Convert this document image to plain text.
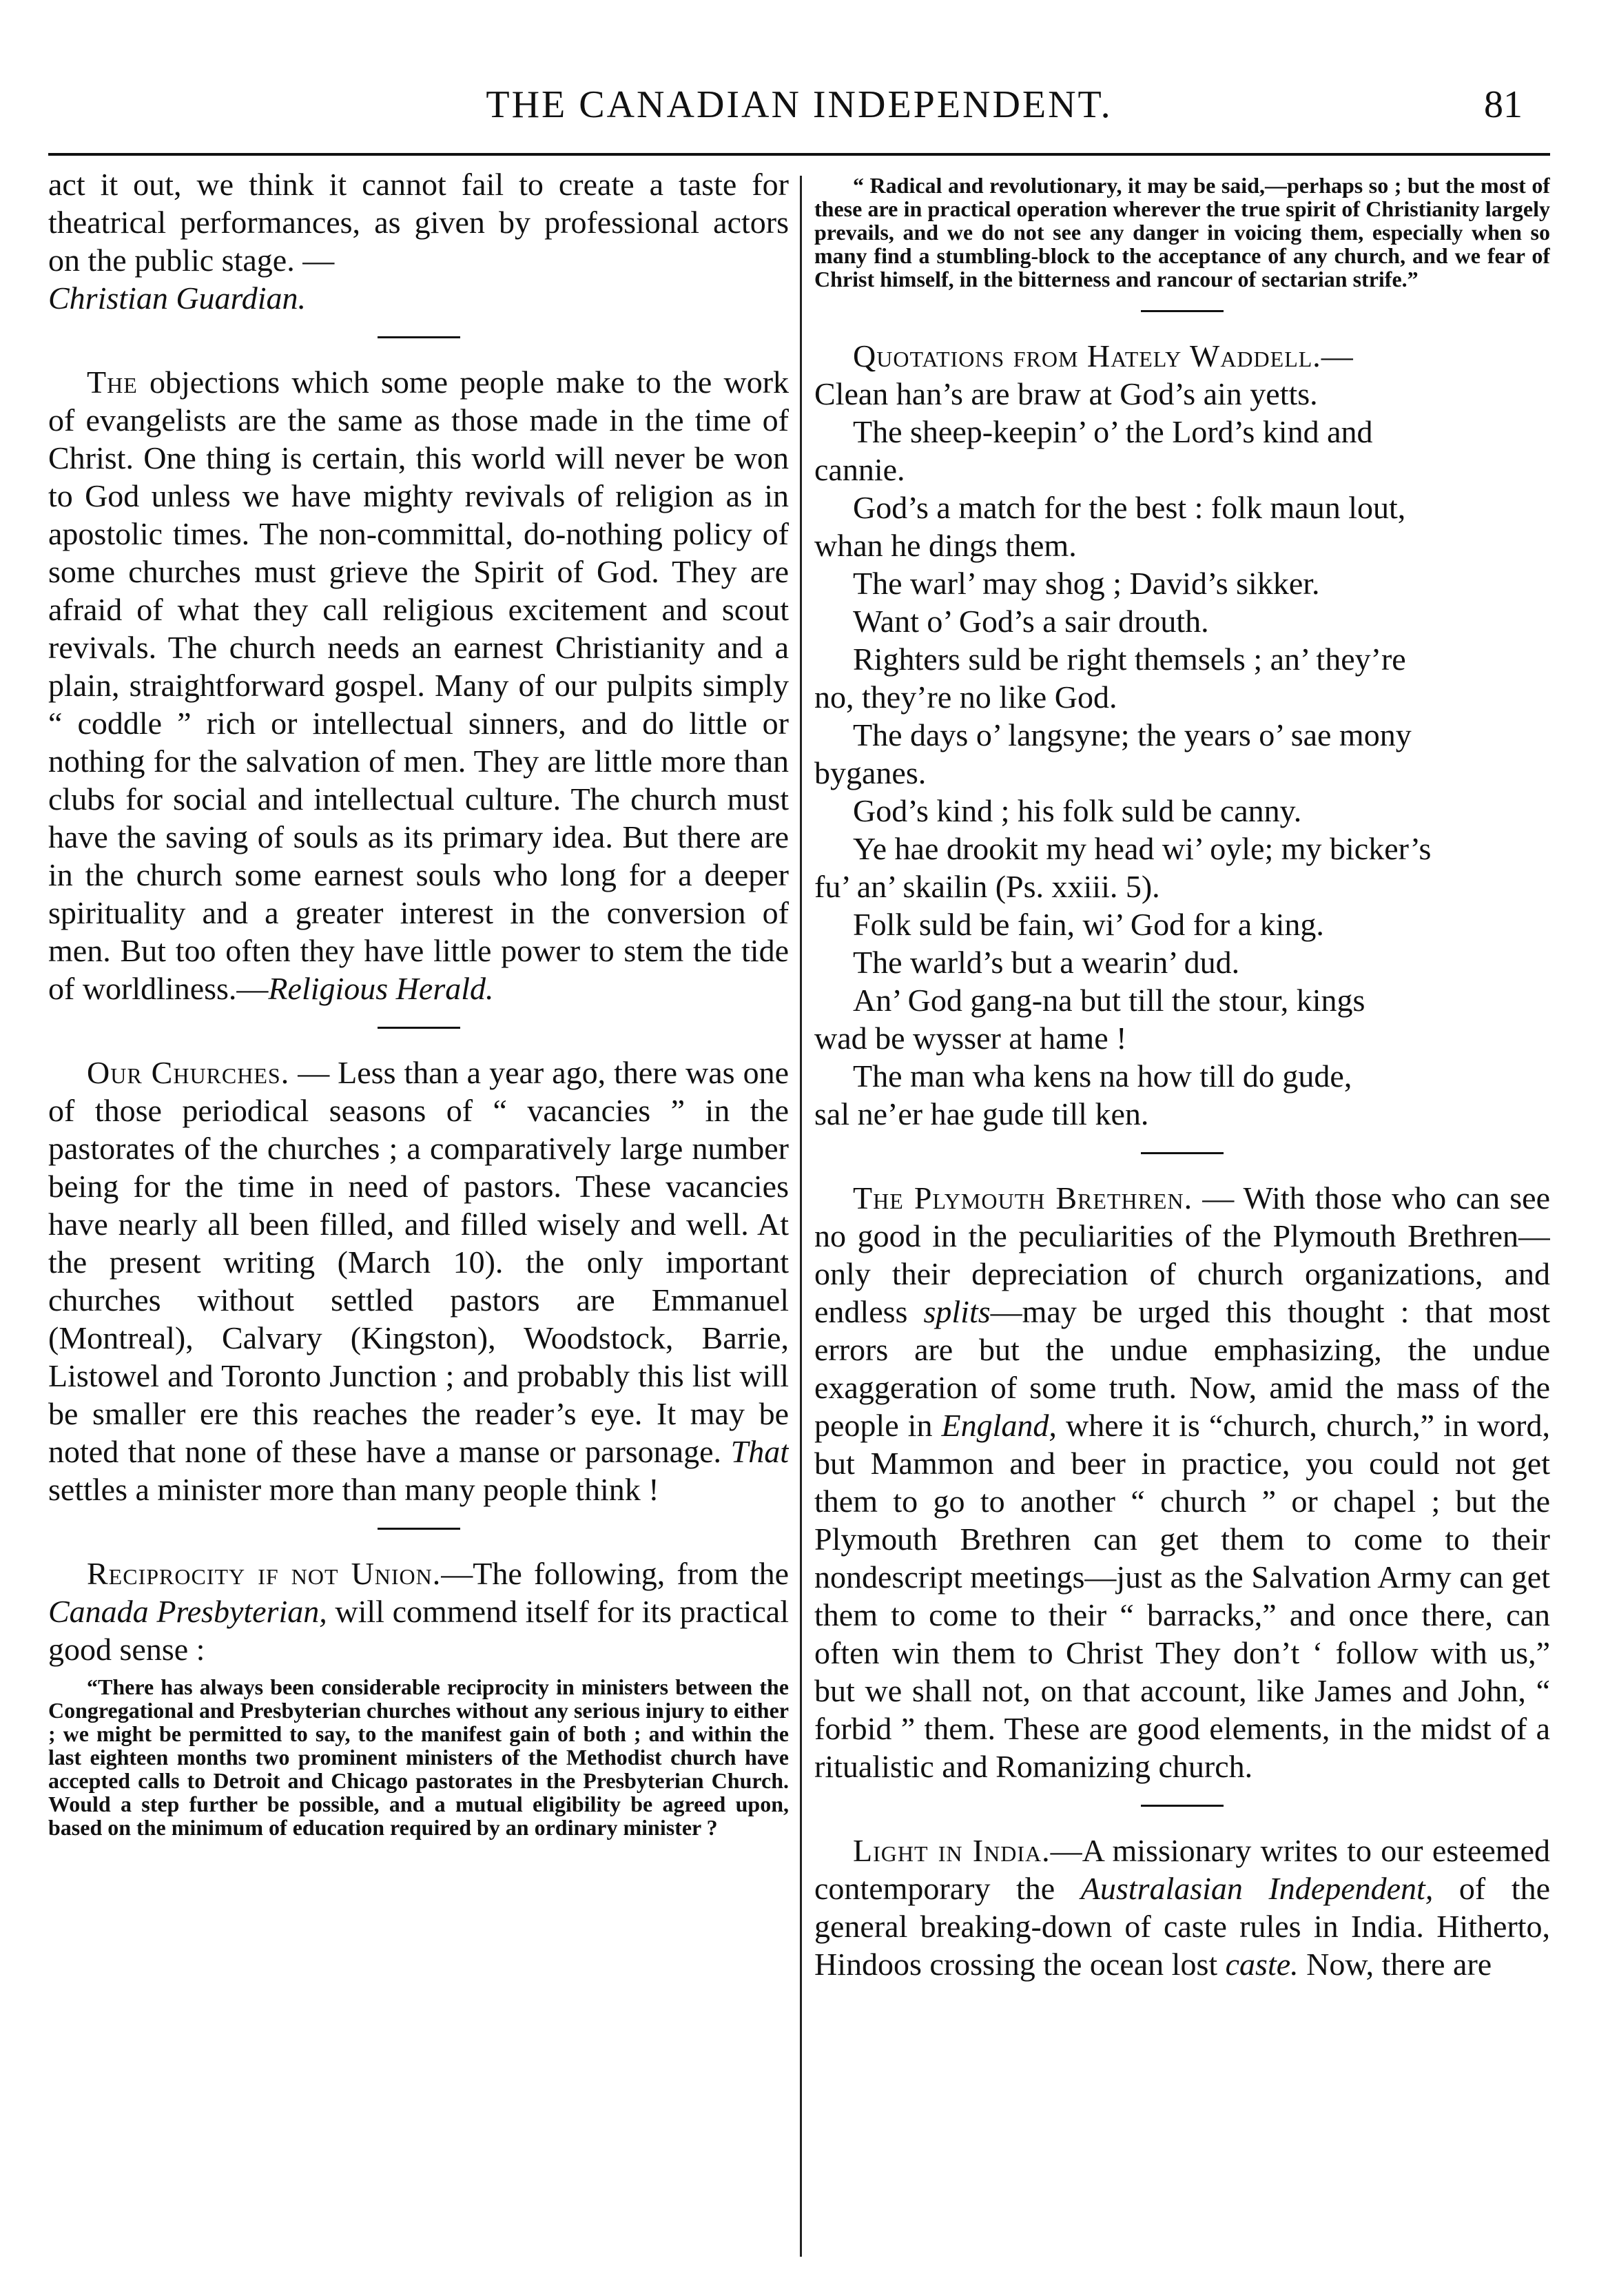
THE CANADIAN INDEPENDENT.	81

act it out, we think it cannot fail to create a taste for theatrical performances, as given by professional actors on the public stage. —
Christian Guardian.

The objections which some people make to the work of evangelists are the same as those made in the time of Christ. One thing is certain, this world will never be won to God unless we have mighty revivals of religion as in apostolic times. The non-committal, do-nothing policy of some churches must grieve the Spirit of God. They are afraid of what they call religious excitement and scout revivals. The church needs an earnest Christianity and a plain, straightforward gospel. Many of our pulpits simply “ coddle ” rich or intellectual sinners, and do little or nothing for the salvation of men. They are little more than clubs for social and intellectual culture. The church must have the saving of souls as its primary idea. But there are in the church some earnest souls who long for a deeper spirituality and a greater interest in the conversion of men. But too often they have little power to stem the tide of worldliness.—Religious Herald.

Our Churches. — Less than a year ago, there was one of those periodical seasons of “ vacancies ” in the pastorates of the churches ; a comparatively large number being for the time in need of pastors. These vacancies have nearly all been filled, and filled wisely and well. At the present writing (March 10). the only important churches without settled pastors are Emmanuel (Montreal), Calvary (Kingston), Woodstock, Barrie, Listowel and Toronto Junction ; and probably this list will be smaller ere this reaches the reader’s eye. It may be noted that none of these have a manse or parsonage. That settles a minister more than many people think !

Reciprocity if not Union.—The following, from the Canada Presbyterian, will commend itself for its practical good sense :

“There has always been considerable reciprocity in ministers between the Congregational and Presbyterian churches without any serious injury to either ; we might be permitted to say, to the manifest gain of both ; and within the last eighteen months two prominent ministers of the Methodist church have accepted calls to Detroit and Chicago pastorates in the Presbyterian Church. Would a step further be possible, and a mutual eligibility be agreed upon, based on the minimum of education required by an ordinary minister ?

“ Radical and revolutionary, it may be said,—perhaps so ; but the most of these are in practical operation wherever the true spirit of Christianity largely prevails, and we do not see any danger in voicing them, especially when so many find a stumbling-block to the acceptance of any church, and we fear of Christ himself, in the bitterness and rancour of sectarian strife.”

Quotations from Hately Waddell.—

Clean han’s are braw at God’s ain yetts.

The sheep-keepin’ o’ the Lord’s kind and

cannie.

God’s a match for the best : folk maun lout,

whan he dings them.

The warl’ may shog ; David’s sikker.

Want o’ God’s a sair drouth.

Righters suld be right themsels ; an’ they’re

no, they’re no like God.

The days o’ langsyne; the years o’ sae mony

byganes.

God’s kind ; his folk suld be canny.

Ye hae drookit my head wi’ oyle; my bicker’s

fu’ an’ skailin (Ps. xxiii. 5).

Folk suld be fain, wi’ God for a king.

The warld’s but a wearin’ dud.

An’ God gang-na but till the stour, kings

wad be wysser at hame !

The man wha kens na how till do gude,

sal ne’er hae gude till ken.

The Plymouth Brethren. — With those who can see no good in the peculiarities of the Plymouth Brethren—only their depreciation of church organizations, and endless splits—may be urged this thought : that most errors are but the undue emphasizing, the undue exaggeration of some truth. Now, amid the mass of the people in England, where it is “church, church,” in word, but Mammon and beer in practice, you could not get them to go to another “ church ” or chapel ; but the Plymouth Brethren can get them to come to their nondescript meetings—just as the Salvation Army can get them to come to their “ barracks,” and once there, can often win them to Christ They don’t ‘ follow with us,” but we shall not, on that account, like James and John, “ forbid ” them. These are good elements, in the midst of a ritualistic and Romanizing church.

Light in India.—A missionary writes to our esteemed contemporary the Australasian Independent, of the general breaking-down of caste rules in India. Hitherto, Hindoos crossing the ocean lost caste. Now, there are
